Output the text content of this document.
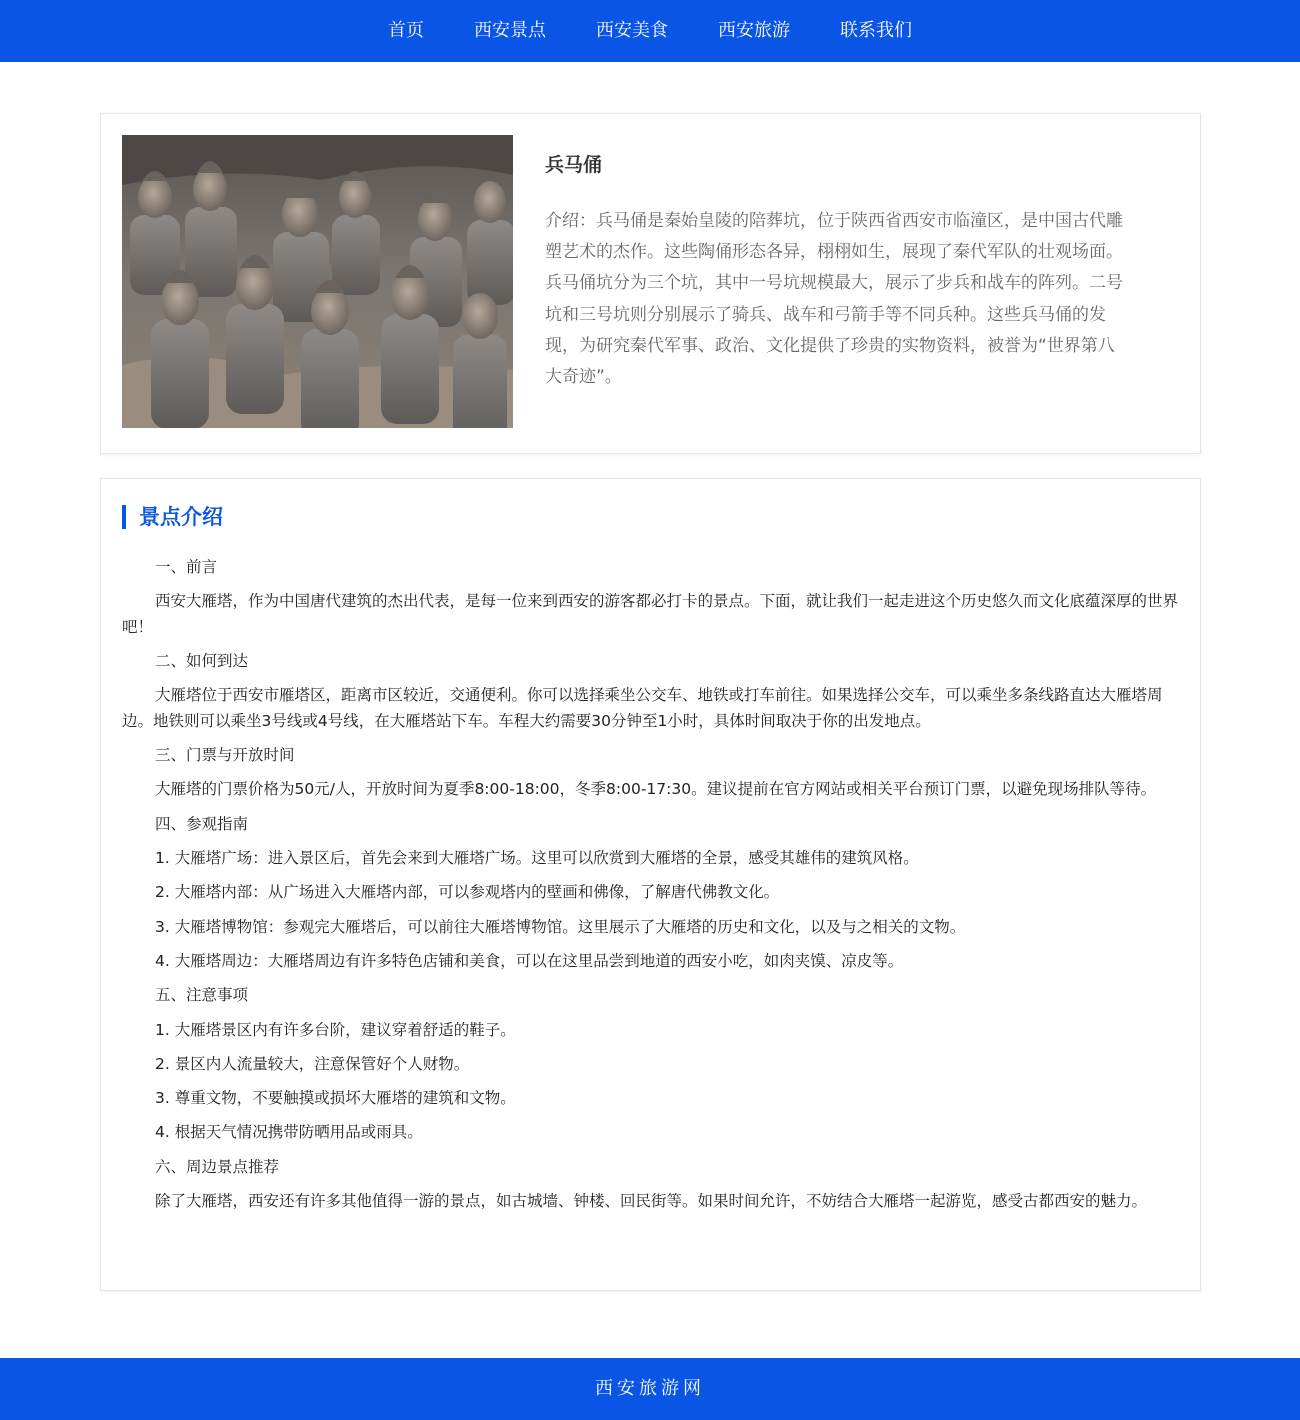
首页	西安景点	西安美食	西安旅游	联系我们
兵马俑

介绍：兵马俑是秦始皇陵的陪葬坑，位于陕西省西安市临潼区，是中国古代雕塑艺术的杰作。这些陶俑形态各异，栩栩如生，展现了秦代军队的壮观场面。兵马俑坑分为三个坑，其中一号坑规模最大，展示了步兵和战车的阵列。二号坑和三号坑则分别展示了骑兵、战车和弓箭手等不同兵种。这些兵马俑的发现，为研究秦代军事、政治、文化提供了珍贵的实物资料，被誉为“世界第八大奇迹”。

景点介绍

一、前言

西安大雁塔，作为中国唐代建筑的杰出代表，是每一位来到西安的游客都必打卡的景点。下面，就让我们一起走进这个历史悠久而文化底蕴深厚的世界吧！

二、如何到达

大雁塔位于西安市雁塔区，距离市区较近，交通便利。你可以选择乘坐公交车、地铁或打车前往。如果选择公交车，可以乘坐多条线路直达大雁塔周边。地铁则可以乘坐3号线或4号线，在大雁塔站下车。车程大约需要30分钟至1小时，具体时间取决于你的出发地点。

三、门票与开放时间

大雁塔的门票价格为50元/人，开放时间为夏季8:00-18:00，冬季8:00-17:30。建议提前在官方网站或相关平台预订门票，以避免现场排队等待。

四、参观指南

1. 大雁塔广场：进入景区后，首先会来到大雁塔广场。这里可以欣赏到大雁塔的全景，感受其雄伟的建筑风格。

2. 大雁塔内部：从广场进入大雁塔内部，可以参观塔内的壁画和佛像，了解唐代佛教文化。

3. 大雁塔博物馆：参观完大雁塔后，可以前往大雁塔博物馆。这里展示了大雁塔的历史和文化，以及与之相关的文物。

4. 大雁塔周边：大雁塔周边有许多特色店铺和美食，可以在这里品尝到地道的西安小吃，如肉夹馍、凉皮等。

五、注意事项

1. 大雁塔景区内有许多台阶，建议穿着舒适的鞋子。

2. 景区内人流量较大，注意保管好个人财物。

3. 尊重文物，不要触摸或损坏大雁塔的建筑和文物。

4. 根据天气情况携带防晒用品或雨具。

六、周边景点推荐

除了大雁塔，西安还有许多其他值得一游的景点，如古城墙、钟楼、回民街等。如果时间允许，不妨结合大雁塔一起游览，感受古都西安的魅力。

西安旅游网
